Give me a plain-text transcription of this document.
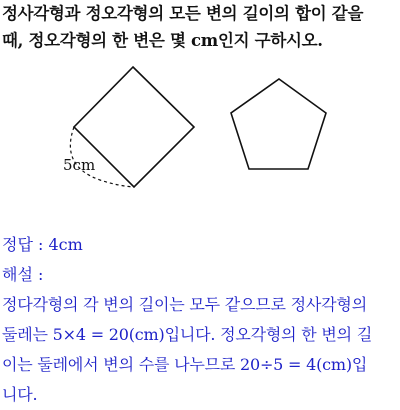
정사각형과 정오각형의 모든 변의 길이의 합이 같을
때, 정오각형의 한 변은 몇 cm인지 구하시오.
5cm
정답 : 4cm
해설 :
정다각형의 각 변의 길이는 모두 같으므로 정사각형의
둘레는 5×4 = 20(cm)입니다. 정오각형의 한 변의 길
이는 둘레에서 변의 수를 나누므로 20÷5 = 4(cm)입
니다.
